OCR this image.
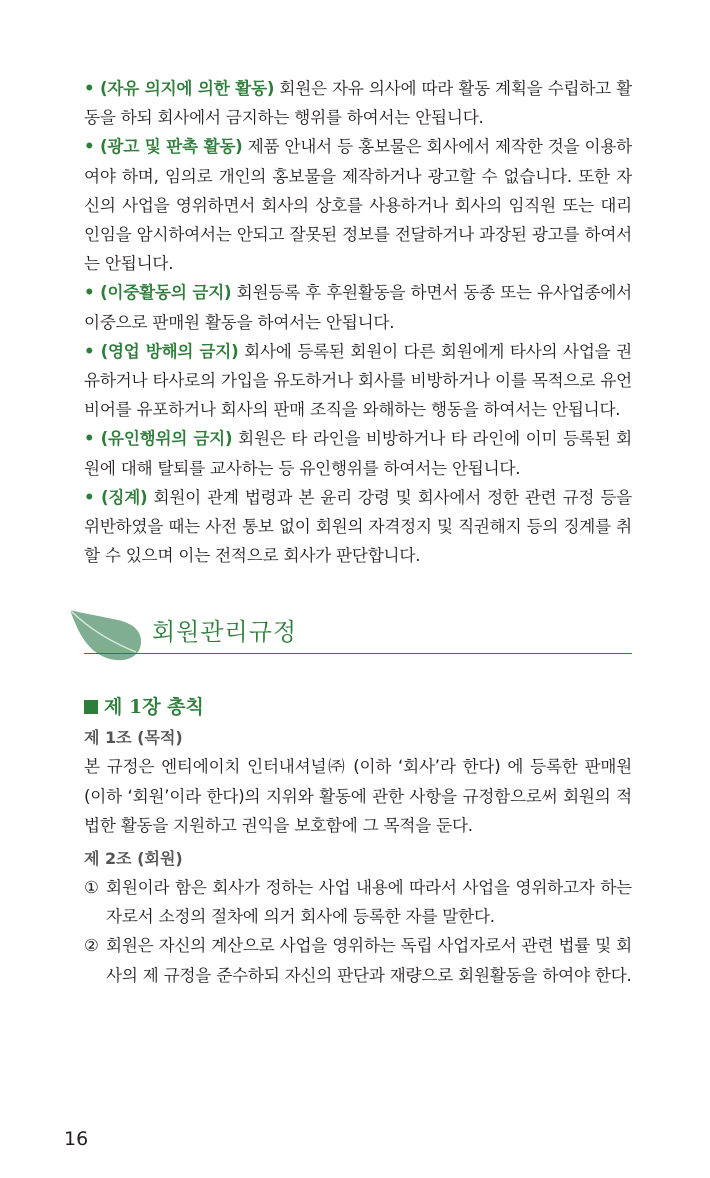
• (자유 의지에 의한 활동) 회원은 자유 의사에 따라 활동 계획을 수립하고 활동을 하되 회사에서 금지하는 행위를 하여서는 안됩니다.
• (광고 및 판촉 활동) 제품 안내서 등 홍보물은 회사에서 제작한 것을 이용하여야 하며, 임의로 개인의 홍보물을 제작하거나 광고할 수 없습니다. 또한 자신의 사업을 영위하면서 회사의 상호를 사용하거나 회사의 임직원 또는 대리인임을 암시하여서는 안되고 잘못된 정보를 전달하거나 과장된 광고를 하여서는 안됩니다.
• (이중활동의 금지) 회원등록 후 후원활동을 하면서 동종 또는 유사업종에서 이중으로 판매원 활동을 하여서는 안됩니다.
• (영업 방해의 금지) 회사에 등록된 회원이 다른 회원에게 타사의 사업을 권유하거나 타사로의 가입을 유도하거나 회사를 비방하거나 이를 목적으로 유언비어를 유포하거나 회사의 판매 조직을 와해하는 행동을 하여서는 안됩니다.
• (유인행위의 금지) 회원은 타 라인을 비방하거나 타 라인에 이미 등록된 회원에 대해 탈퇴를 교사하는 등 유인행위를 하여서는 안됩니다.
• (징계) 회원이 관계 법령과 본 윤리 강령 및 회사에서 정한 관련 규정 등을 위반하였을 때는 사전 통보 없이 회원의 자격정지 및 직권해지 등의 징계를 취할 수 있으며 이는 전적으로 회사가 판단합니다.
회원관리규정
제 1장 총칙
제 1조 (목적)
본 규정은 엔티에이치 인터내셔널㈜ (이하 ‘회사’라 한다) 에 등록한 판매원(이하 ‘회원’이라 한다)의 지위와 활동에 관한 사항을 규정함으로써 회원의 적법한 활동을 지원하고 권익을 보호함에 그 목적을 둔다.
제 2조 (회원)
① 회원이라 함은 회사가 정하는 사업 내용에 따라서 사업을 영위하고자 하는 자로서 소정의 절차에 의거 회사에 등록한 자를 말한다.
② 회원은 자신의 계산으로 사업을 영위하는 독립 사업자로서 관련 법률 및 회사의 제 규정을 준수하되 자신의 판단과 재량으로 회원활동을 하여야 한다.
16
